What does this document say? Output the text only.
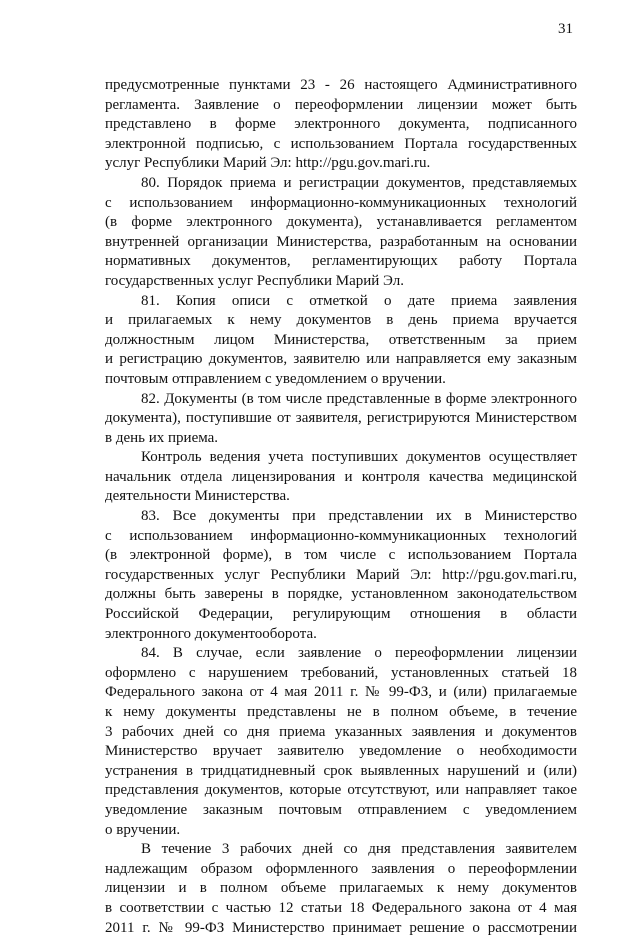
31
предусмотренные пунктами 23 - 26 настоящего Административного
регламента. Заявление о переоформлении лицензии может быть
представлено в форме электронного документа, подписанного
электронной подписью, с использованием Портала государственных
услуг Республики Марий Эл: http://pgu.gov.mari.ru.
80. Порядок приема и регистрации документов, представляемых
с использованием информационно-коммуникационных технологий
(в форме электронного документа), устанавливается регламентом
внутренней организации Министерства, разработанным на основании
нормативных документов, регламентирующих работу Портала
государственных услуг Республики Марий Эл.
81. Копия описи с отметкой о дате приема заявления
и прилагаемых к нему документов в день приема вручается
должностным лицом Министерства, ответственным за прием
и регистрацию документов, заявителю или направляется ему заказным
почтовым отправлением с уведомлением о вручении.
82. Документы (в том числе представленные в форме электронного
документа), поступившие от заявителя, регистрируются Министерством
в день их приема.
Контроль ведения учета поступивших документов осуществляет
начальник отдела лицензирования и контроля качества медицинской
деятельности Министерства.
83. Все документы при представлении их в Министерство
с использованием информационно-коммуникационных технологий
(в электронной форме), в том числе с использованием Портала
государственных услуг Республики Марий Эл: http://pgu.gov.mari.ru,
должны быть заверены в порядке, установленном законодательством
Российской Федерации, регулирующим отношения в области
электронного документооборота.
84. В случае, если заявление о переоформлении лицензии
оформлено с нарушением требований, установленных статьей 18
Федерального закона от 4 мая 2011 г. № 99-ФЗ, и (или) прилагаемые
к нему документы представлены не в полном объеме, в течение
3 рабочих дней со дня приема указанных заявления и документов
Министерство вручает заявителю уведомление о необходимости
устранения в тридцатидневный срок выявленных нарушений и (или)
представления документов, которые отсутствуют, или направляет такое
уведомление заказным почтовым отправлением с уведомлением
о вручении.
В течение 3 рабочих дней со дня представления заявителем
надлежащим образом оформленного заявления о переоформлении
лицензии и в полном объеме прилагаемых к нему документов
в соответствии с частью 12 статьи 18 Федерального закона от 4 мая
2011 г. № 99-ФЗ Министерство принимает решение о рассмотрении
